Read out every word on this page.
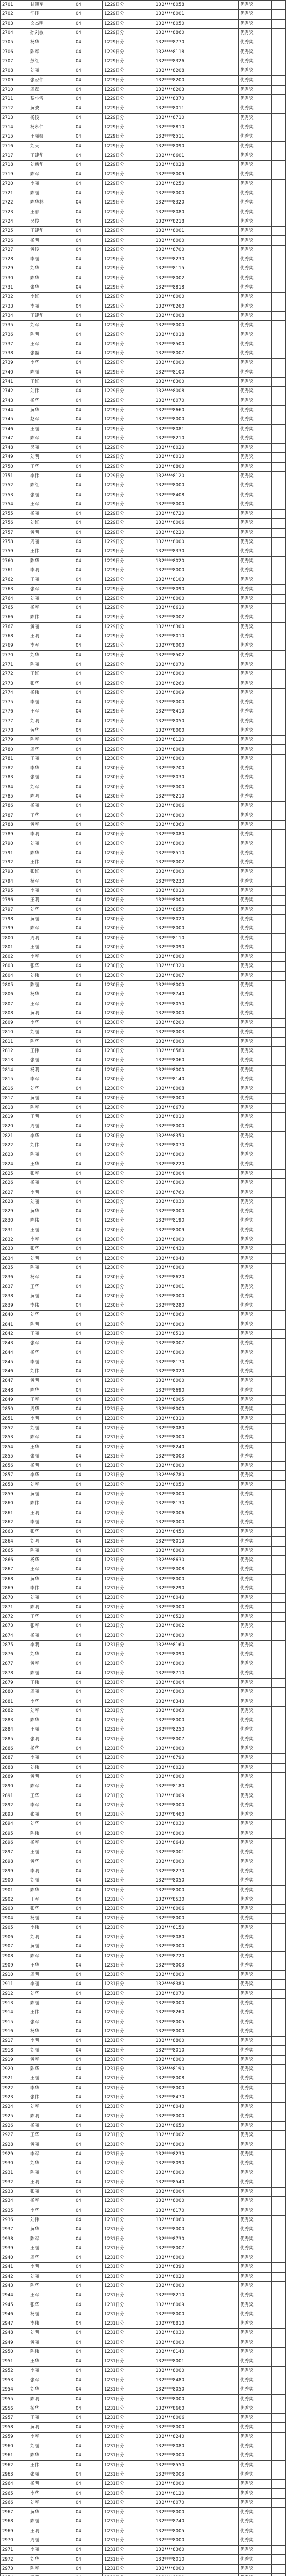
2701	甘朝军	04	1229日分	132****8058	优秀奖	
2702	汪佳	04	1229日分	132****8001	优秀奖	
2703	文杰明	04	1229日分	132****8050	优秀奖	
2704	孙刘敏	04	1229日分	132****8860	优秀奖	
2705	杨华	04	1229日分	132****8770	优秀奖	
2706	陈军	04	1229日分	132****8118	优秀奖	
2707	彭红	04	1229日分	132****8326	优秀奖	
2708	刘丽	04	1229日分	132****8208	优秀奖	
2709	张家伟	04	1229日分	132****8200	优秀奖	
2710	周磊	04	1229日分	132****8203	优秀奖	
2711	黎小雪	04	1229日分	132****8370	优秀奖	
2712	黄波	04	1229日分	132****8011	优秀奖	
2713	杨俊	04	1229日分	132****8710	优秀奖	
2714	杨永仁	04	1229日分	132****8810	优秀奖	
2715	王丽娜	04	1229日分	132****8511	优秀奖	
2716	刘天	04	1229日分	132****8090	优秀奖	
2717	王建华	04	1229日分	132****8601	优秀奖	
2718	刘新华	04	1229日分	132****8028	优秀奖	
2719	陈军	04	1229日分	132****8009	优秀奖	
2720	李丽	04	1229日分	132****8250	优秀奖	
2721	陈丽	04	1229日分	132****8000	优秀奖	
2722	陈华林	04	1229日分	132****8320	优秀奖	
2723	王春	04	1229日分	132****8080	优秀奖	
2724	吴俊	04	1229日分	132****8218	优秀奖	
2725	王建华	04	1229日分	132****8001	优秀奖	
2726	杨明	04	1229日分	132****8000	优秀奖	
2727	黄俊	04	1229日分	132****8700	优秀奖	
2728	李丽	04	1229日分	132****8230	优秀奖	
2729	刘华	04	1229日分	132****8115	优秀奖	
2730	陈华	04	1229日分	132****8002	优秀奖	
2731	张华	04	1229日分	132****8818	优秀奖	
2732	李红	04	1229日分	132****8000	优秀奖	
2733	李丽	04	1229日分	132****8260	优秀奖	
2734	王建华	04	1229日分	132****8008	优秀奖	
2735	刘军	04	1229日分	132****8000	优秀奖	
2736	陈明	04	1229日分	132****8018	优秀奖	
2737	王军	04	1229日分	132****8500	优秀奖	
2738	张磊	04	1229日分	132****8007	优秀奖	
2739	李华	04	1229日分	132****8000	优秀奖	
2740	陈丽	04	1229日分	132****8100	优秀奖	
2741	王红	04	1229日分	132****8300	优秀奖	
2742	刘伟	04	1229日分	132****8008	优秀奖	
2743	杨华	04	1229日分	132****8070	优秀奖	
2744	黄华	04	1229日分	132****8660	优秀奖	
2745	赵军	04	1229日分	132****8000	优秀奖	
2746	王丽	04	1229日分	132****8081	优秀奖	
2747	陈军	04	1229日分	132****8210	优秀奖	
2748	吴丽	04	1229日分	132****8020	优秀奖	
2749	刘明	04	1229日分	132****8010	优秀奖	
2750	王华	04	1229日分	132****8800	优秀奖	
2751	李伟	04	1229日分	132****8120	优秀奖	
2752	陈红	04	1229日分	132****8000	优秀奖	
2753	张丽	04	1229日分	132****8408	优秀奖	
2754	王军	04	1229日分	132****8000	优秀奖	
2755	杨丽	04	1229日分	132****8720	优秀奖	
2756	刘红	04	1229日分	132****8006	优秀奖	
2757	黄明	04	1229日分	132****8220	优秀奖	
2758	周丽	04	1229日分	132****8000	优秀奖	
2759	王伟	04	1229日分	132****8330	优秀奖	
2760	陈华	04	1229日分	132****8020	优秀奖	
2761	李明	04	1229日分	132****8000	优秀奖	
2762	王丽	04	1229日分	132****8103	优秀奖	
2763	张军	04	1229日分	132****8090	优秀奖	
2764	刘丽	04	1229日分	132****8000	优秀奖	
2765	杨军	04	1229日分	132****8610	优秀奖	
2766	陈伟	04	1229日分	132****8002	优秀奖	
2767	黄丽	04	1229日分	132****8300	优秀奖	
2768	王明	04	1229日分	132****8010	优秀奖	
2769	李军	04	1229日分	132****8000	优秀奖	
2770	刘华	04	1229日分	132****8502	优秀奖	
2771	陈丽	04	1229日分	132****8070	优秀奖	
2772	王红	04	1229日分	132****8000	优秀奖	
2773	张华	04	1229日分	132****8260	优秀奖	
2774	杨伟	04	1229日分	132****8009	优秀奖	
2775	李丽	04	1229日分	132****8000	优秀奖	
2776	王军	04	1229日分	132****8410	优秀奖	
2777	刘明	04	1229日分	132****8050	优秀奖	
2778	黄华	04	1229日分	132****8000	优秀奖	
2779	陈军	04	1229日分	132****8120	优秀奖	
2780	周华	04	1229日分	132****8008	优秀奖	
2781	王丽	04	1230日分	132****8000	优秀奖	
2782	李华	04	1230日分	132****8700	优秀奖	
2783	张丽	04	1230日分	132****8030	优秀奖	
2784	刘军	04	1230日分	132****8000	优秀奖	
2785	陈明	04	1230日分	132****8210	优秀奖	
2786	杨丽	04	1230日分	132****8006	优秀奖	
2787	王华	04	1230日分	132****8000	优秀奖	
2788	黄军	04	1230日分	132****8360	优秀奖	
2789	李明	04	1230日分	132****8080	优秀奖	
2790	刘丽	04	1230日分	132****8000	优秀奖	
2791	陈华	04	1230日分	132****8510	优秀奖	
2792	王伟	04	1230日分	132****8002	优秀奖	
2793	张红	04	1230日分	132****8000	优秀奖	
2794	杨军	04	1230日分	132****8230	优秀奖	
2795	李丽	04	1230日分	132****8010	优秀奖	
2796	王明	04	1230日分	132****8000	优秀奖	
2797	刘华	04	1230日分	132****8650	优秀奖	
2798	黄丽	04	1230日分	132****8020	优秀奖	
2799	陈军	04	1230日分	132****8000	优秀奖	
2800	周明	04	1230日分	132****8110	优秀奖	
2801	王丽	04	1230日分	132****8090	优秀奖	
2802	李军	04	1230日分	132****8000	优秀奖	
2803	张华	04	1230日分	132****8320	优秀奖	
2804	刘伟	04	1230日分	132****8007	优秀奖	
2805	陈丽	04	1230日分	132****8000	优秀奖	
2806	杨华	04	1230日分	132****8740	优秀奖	
2807	王军	04	1230日分	132****8050	优秀奖	
2808	黄明	04	1230日分	132****8000	优秀奖	
2809	李华	04	1230日分	132****8200	优秀奖	
2810	刘丽	04	1230日分	132****8003	优秀奖	
2811	陈华	04	1230日分	132****8000	优秀奖	
2812	王伟	04	1230日分	132****8580	优秀奖	
2813	张丽	04	1230日分	132****8060	优秀奖	
2814	杨明	04	1230日分	132****8000	优秀奖	
2815	李军	04	1230日分	132****8140	优秀奖	
2816	刘华	04	1230日分	132****8008	优秀奖	
2817	黄丽	04	1230日分	132****8000	优秀奖	
2818	陈军	04	1230日分	132****8670	优秀奖	
2819	王明	04	1230日分	132****8010	优秀奖	
2820	周丽	04	1230日分	132****8000	优秀奖	
2821	李华	04	1230日分	132****8350	优秀奖	
2822	刘伟	04	1230日分	132****8070	优秀奖	
2823	陈丽	04	1230日分	132****8000	优秀奖	
2824	王华	04	1230日分	132****8220	优秀奖	
2825	张军	04	1230日分	132****8004	优秀奖	
2826	杨丽	04	1230日分	132****8000	优秀奖	
2827	李明	04	1230日分	132****8760	优秀奖	
2828	刘丽	04	1230日分	132****8030	优秀奖	
2829	黄华	04	1230日分	132****8000	优秀奖	
2830	陈伟	04	1230日分	132****8190	优秀奖	
2831	王丽	04	1230日分	132****8009	优秀奖	
2832	李军	04	1230日分	132****8000	优秀奖	
2833	张华	04	1230日分	132****8430	优秀奖	
2834	刘明	04	1230日分	132****8040	优秀奖	
2835	陈丽	04	1230日分	132****8000	优秀奖	
2836	杨军	04	1230日分	132****8620	优秀奖	
2837	王华	04	1230日分	132****8001	优秀奖	
2838	黄丽	04	1230日分	132****8000	优秀奖	
2839	李伟	04	1230日分	132****8280	优秀奖	
2840	刘华	04	1230日分	132****8060	优秀奖	
2841	陈明	04	1231日分	132****8000	优秀奖	
2842	王丽	04	1231日分	132****8510	优秀奖	
2843	张军	04	1231日分	132****8007	优秀奖	
2844	杨华	04	1231日分	132****8000	优秀奖	
2845	李丽	04	1231日分	132****8170	优秀奖	
2846	刘伟	04	1231日分	132****8020	优秀奖	
2847	黄明	04	1231日分	132****8000	优秀奖	
2848	陈华	04	1231日分	132****8690	优秀奖	
2849	王军	04	1231日分	132****8005	优秀奖	
2850	周华	04	1231日分	132****8000	优秀奖	
2851	李明	04	1231日分	132****8310	优秀奖	
2852	刘丽	04	1231日分	132****8080	优秀奖	
2853	陈军	04	1231日分	132****8000	优秀奖	
2854	王华	04	1231日分	132****8240	优秀奖	
2855	张丽	04	1231日分	132****8003	优秀奖	
2856	杨明	04	1231日分	132****8000	优秀奖	
2857	李华	04	1231日分	132****8780	优秀奖	
2858	刘军	04	1231日分	132****8050	优秀奖	
2859	黄丽	04	1231日分	132****8000	优秀奖	
2860	陈伟	04	1231日分	132****8130	优秀奖	
2861	王明	04	1231日分	132****8006	优秀奖	
2862	李丽	04	1231日分	132****8000	优秀奖	
2863	张华	04	1231日分	132****8450	优秀奖	
2864	刘明	04	1231日分	132****8010	优秀奖	
2865	陈丽	04	1231日分	132****8000	优秀奖	
2866	杨华	04	1231日分	132****8630	优秀奖	
2867	王军	04	1231日分	132****8008	优秀奖	
2868	黄华	04	1231日分	132****8000	优秀奖	
2869	李伟	04	1231日分	132****8290	优秀奖	
2870	刘丽	04	1231日分	132****8040	优秀奖	
2871	陈明	04	1231日分	132****8000	优秀奖	
2872	王华	04	1231日分	132****8520	优秀奖	
2873	张军	04	1231日分	132****8002	优秀奖	
2874	杨丽	04	1231日分	132****8000	优秀奖	
2875	李明	04	1231日分	132****8160	优秀奖	
2876	刘华	04	1231日分	132****8090	优秀奖	
2877	黄军	04	1231日分	132****8000	优秀奖	
2878	陈丽	04	1231日分	132****8710	优秀奖	
2879	王伟	04	1231日分	132****8004	优秀奖	
2880	周丽	04	1231日分	132****8000	优秀奖	
2881	李华	04	1231日分	132****8340	优秀奖	
2882	刘军	04	1231日分	132****8060	优秀奖	
2883	陈华	04	1231日分	132****8000	优秀奖	
2884	王丽	04	1231日分	132****8250	优秀奖	
2885	张明	04	1231日分	132****8007	优秀奖	
2886	杨华	04	1231日分	132****8000	优秀奖	
2887	李丽	04	1231日分	132****8790	优秀奖	
2888	刘伟	04	1231日分	132****8020	优秀奖	
2889	黄明	04	1231日分	132****8000	优秀奖	
2890	陈军	04	1231日分	132****8180	优秀奖	
2891	王华	04	1231日分	132****8009	优秀奖	
2892	李军	04	1231日分	132****8000	优秀奖	
2893	张丽	04	1231日分	132****8460	优秀奖	
2894	刘华	04	1231日分	132****8030	优秀奖	
2895	陈伟	04	1231日分	132****8000	优秀奖	
2896	杨军	04	1231日分	132****8640	优秀奖	
2897	王丽	04	1231日分	132****8001	优秀奖	
2898	黄华	04	1231日分	132****8000	优秀奖	
2899	李明	04	1231日分	132****8270	优秀奖	
2900	刘丽	04	1231日分	132****8050	优秀奖	
2901	陈华	04	1231日分	132****8000	优秀奖	
2902	王军	04	1231日分	132****8530	优秀奖	
2903	张华	04	1231日分	132****8006	优秀奖	
2904	杨丽	04	1231日分	132****8000	优秀奖	
2905	李伟	04	1231日分	132****8150	优秀奖	
2906	刘明	04	1231日分	132****8080	优秀奖	
2907	黄丽	04	1231日分	132****8000	优秀奖	
2908	陈军	04	1231日分	132****8720	优秀奖	
2909	王华	04	1231日分	132****8003	优秀奖	
2910	周明	04	1231日分	132****8000	优秀奖	
2911	李丽	04	1231日分	132****8380	优秀奖	
2912	刘华	04	1231日分	132****8070	优秀奖	
2913	陈丽	04	1231日分	132****8000	优秀奖	
2914	王伟	04	1231日分	132****8260	优秀奖	
2915	张军	04	1231日分	132****8005	优秀奖	
2916	杨华	04	1231日分	132****8000	优秀奖	
2917	李明	04	1231日分	132****8800	优秀奖	
2918	刘丽	04	1231日分	132****8010	优秀奖	
2919	黄军	04	1231日分	132****8000	优秀奖	
2920	陈华	04	1231日分	132****8190	优秀奖	
2921	王丽	04	1231日分	132****8008	优秀奖	
2922	李华	04	1231日分	132****8000	优秀奖	
2923	张伟	04	1231日分	132****8470	优秀奖	
2924	刘军	04	1231日分	132****8040	优秀奖	
2925	陈明	04	1231日分	132****8000	优秀奖	
2926	杨丽	04	1231日分	132****8650	优秀奖	
2927	王华	04	1231日分	132****8002	优秀奖	
2928	黄丽	04	1231日分	132****8000	优秀奖	
2929	李军	04	1231日分	132****8230	优秀奖	
2930	刘华	04	1231日分	132****8090	优秀奖	
2931	陈丽	04	1231日分	132****8000	优秀奖	
2932	王明	04	1231日分	132****8540	优秀奖	
2933	张丽	04	1231日分	132****8004	优秀奖	
2934	杨军	04	1231日分	132****8000	优秀奖	
2935	李华	04	1231日分	132****8170	优秀奖	
2936	刘伟	04	1231日分	132****8060	优秀奖	
2937	黄华	04	1231日分	132****8000	优秀奖	
2938	陈军	04	1231日分	132****8730	优秀奖	
2939	王丽	04	1231日分	132****8007	优秀奖	
2940	周华	04	1231日分	132****8000	优秀奖	
2941	李明	04	1231日分	132****8390	优秀奖	
2942	刘丽	04	1231日分	132****8020	优秀奖	
2943	陈华	04	1231日分	132****8000	优秀奖	
2944	王军	04	1231日分	132****8210	优秀奖	
2945	张华	04	1231日分	132****8009	优秀奖	
2946	杨丽	04	1231日分	132****8000	优秀奖	
2947	李伟	04	1231日分	132****8810	优秀奖	
2948	刘明	04	1231日分	132****8030	优秀奖	
2949	黄丽	04	1231日分	132****8000	优秀奖	
2950	陈伟	04	1231日分	132****8140	优秀奖	
2951	王华	04	1231日分	132****8001	优秀奖	
2952	李丽	04	1231日分	132****8000	优秀奖	
2953	张军	04	1231日分	132****8480	优秀奖	
2954	刘华	04	1231日分	132****8050	优秀奖	
2955	陈明	04	1231日分	132****8000	优秀奖	
2956	杨华	04	1231日分	132****8660	优秀奖	
2957	王丽	04	1231日分	132****8006	优秀奖	
2958	黄明	04	1231日分	132****8000	优秀奖	
2959	李军	04	1231日分	132****8240	优秀奖	
2960	刘丽	04	1231日分	132****8080	优秀奖	
2961	陈华	04	1231日分	132****8000	优秀奖	
2962	王伟	04	1231日分	132****8550	优秀奖	
2963	张丽	04	1231日分	132****8003	优秀奖	
2964	杨明	04	1231日分	132****8000	优秀奖	
2965	李华	04	1231日分	132****8120	优秀奖	
2966	刘军	04	1231日分	132****8070	优秀奖	
2967	黄华	04	1231日分	132****8000	优秀奖	
2968	陈丽	04	1231日分	132****8740	优秀奖	
2969	王明	04	1231日分	132****8005	优秀奖	
2970	周丽	04	1231日分	132****8000	优秀奖	
2971	李丽	04	1231日分	132****8360	优秀奖	
2972	刘华	04	1231日分	132****8010	优秀奖	
2973	陈军	04	1231日分	132****8000	优秀奖	
